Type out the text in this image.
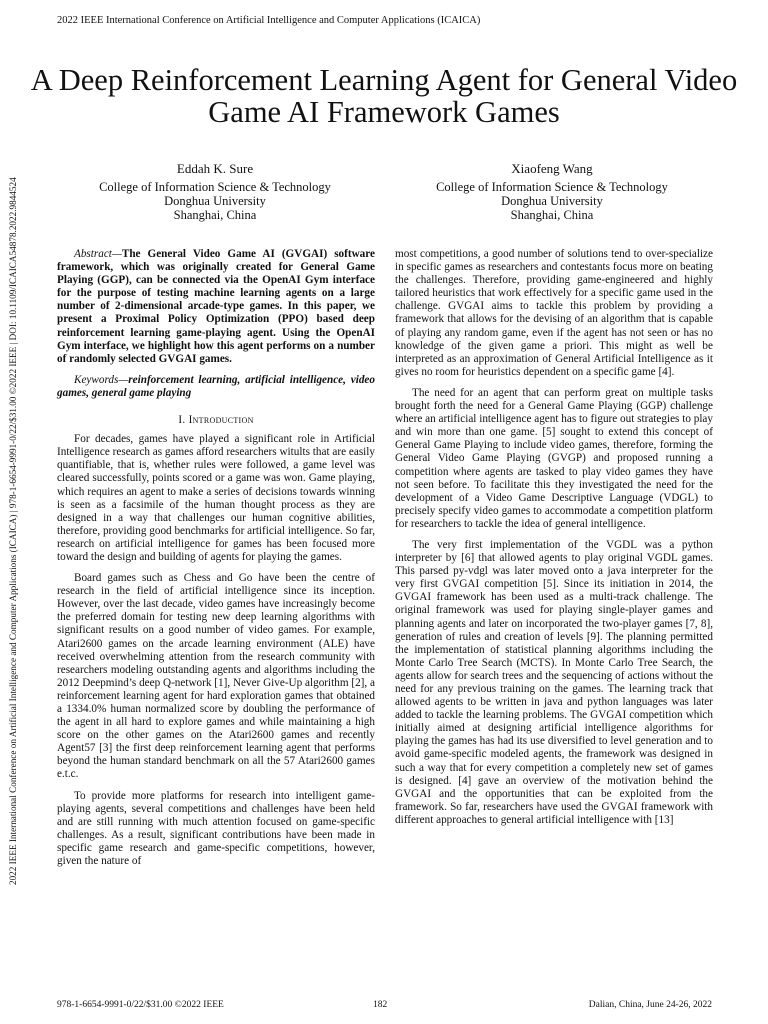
2022 IEEE International Conference on Artificial Intelligence and Computer Applications (ICAICA)
2022 IEEE International Conference on Artificial Intelligence and Computer Applications (ICAICA) | 978-1-6654-9991-0/22/$31.00 ©2022 IEEE | DOI: 10.1109/ICAICA54878.2022.9844524
A Deep Reinforcement Learning Agent for General Video Game AI Framework Games
Eddah K. Sure
College of Information Science & Technology
Donghua University
Shanghai, China
Xiaofeng Wang
College of Information Science & Technology
Donghua University
Shanghai, China

Abstract—The General Video Game AI (GVGAI) software framework, which was originally created for General Game Playing (GGP), can be connected via the OpenAI Gym interface for the purpose of testing machine learning agents on a large number of 2-dimensional arcade-type games. In this paper, we present a Proximal Policy Optimization (PPO) based deep reinforcement learning game-playing agent. Using the OpenAI Gym interface, we highlight how this agent performs on a number of randomly selected GVGAI games.

Keywords—reinforcement learning, artificial intelligence, video games, general game playing

I. Introduction

For decades, games have played a significant role in Artificial Intelligence research as games afford researchers witults that are easily quantifiable, that is, whether rules were followed, a game level was cleared successfully, points scored or a game was won. Game playing, which requires an agent to make a series of decisions towards winning is seen as a facsimile of the human thought process as they are designed in a way that challenges our human cognitive abilities, therefore, providing good benchmarks for artificial intelligence. So far, research on artificial intelligence for games has been focused more toward the design and building of agents for playing the games.

Board games such as Chess and Go have been the centre of research in the field of artificial intelligence since its inception. However, over the last decade, video games have increasingly become the preferred domain for testing new deep learning algorithms with significant results on a good number of video games. For example, Atari2600 games on the arcade learning environment (ALE) have received overwhelming attention from the research community with researchers modeling outstanding agents and algorithms including the 2012 Deepmind’s deep Q-network [1], Never Give-Up algorithm [2], a reinforcement learning agent for hard exploration games that obtained a 1334.0% human normalized score by doubling the performance of the agent in all hard to explore games and while maintaining a high score on the other games on the Atari2600 games and recently Agent57 [3] the first deep reinforcement learning agent that performs beyond the human standard benchmark on all the 57 Atari2600 games e.t.c.

To provide more platforms for research into intelligent game-playing agents, several competitions and challenges have been held and are still running with much attention focused on game-specific challenges. As a result, significant contributions have been made in specific game research and game-specific competitions, however, given the nature of

most competitions, a good number of solutions tend to over-specialize in specific games as researchers and contestants focus more on beating the challenges. Therefore, providing game-engineered and highly tailored heuristics that work effectively for a specific game used in the challenge. GVGAI aims to tackle this problem by providing a framework that allows for the devising of an algorithm that is capable of playing any random game, even if the agent has not seen or has no knowledge of the given game a priori. This might as well be interpreted as an approximation of General Artificial Intelligence as it gives no room for heuristics dependent on a specific game [4].

The need for an agent that can perform great on multiple tasks brought forth the need for a General Game Playing (GGP) challenge where an artificial intelligence agent has to figure out strategies to play and win more than one game. [5] sought to extend this concept of General Game Playing to include video games, therefore, forming the General Video Game Playing (GVGP) and proposed running a competition where agents are tasked to play video games they have not seen before. To facilitate this they investigated the need for the development of a Video Game Descriptive Language (VDGL) to precisely specify video games to accommodate a competition platform for researchers to tackle the idea of general intelligence.

The very first implementation of the VGDL was a python interpreter by [6] that allowed agents to play original VGDL games. This parsed py-vdgl was later moved onto a java interpreter for the very first GVGAI competition [5]. Since its initiation in 2014, the GVGAI framework has been used as a multi-track challenge. The original framework was used for playing single-player games and planning agents and later on incorporated the two-player games [7, 8], generation of rules and creation of levels [9]. The planning permitted the implementation of statistical planning algorithms including the Monte Carlo Tree Search (MCTS). In Monte Carlo Tree Search, the agents allow for search trees and the sequencing of actions without the need for any previous training on the games. The learning track that allowed agents to be written in java and python languages was later added to tackle the learning problems. The GVGAI competition which initially aimed at designing artificial intelligence algorithms for playing the games has had its use diversified to level generation and to avoid game-specific modeled agents, the framework was designed in such a way that for every competition a completely new set of games is designed. [4] gave an overview of the motivation behind the GVGAI and the opportunities that can be exploited from the framework. So far, researchers have used the GVGAI framework with different approaches to general artificial intelligence with [13]

978-1-6654-9991-0/22/$31.00 ©2022 IEEE	182	Dalian, China, June 24-26, 2022
